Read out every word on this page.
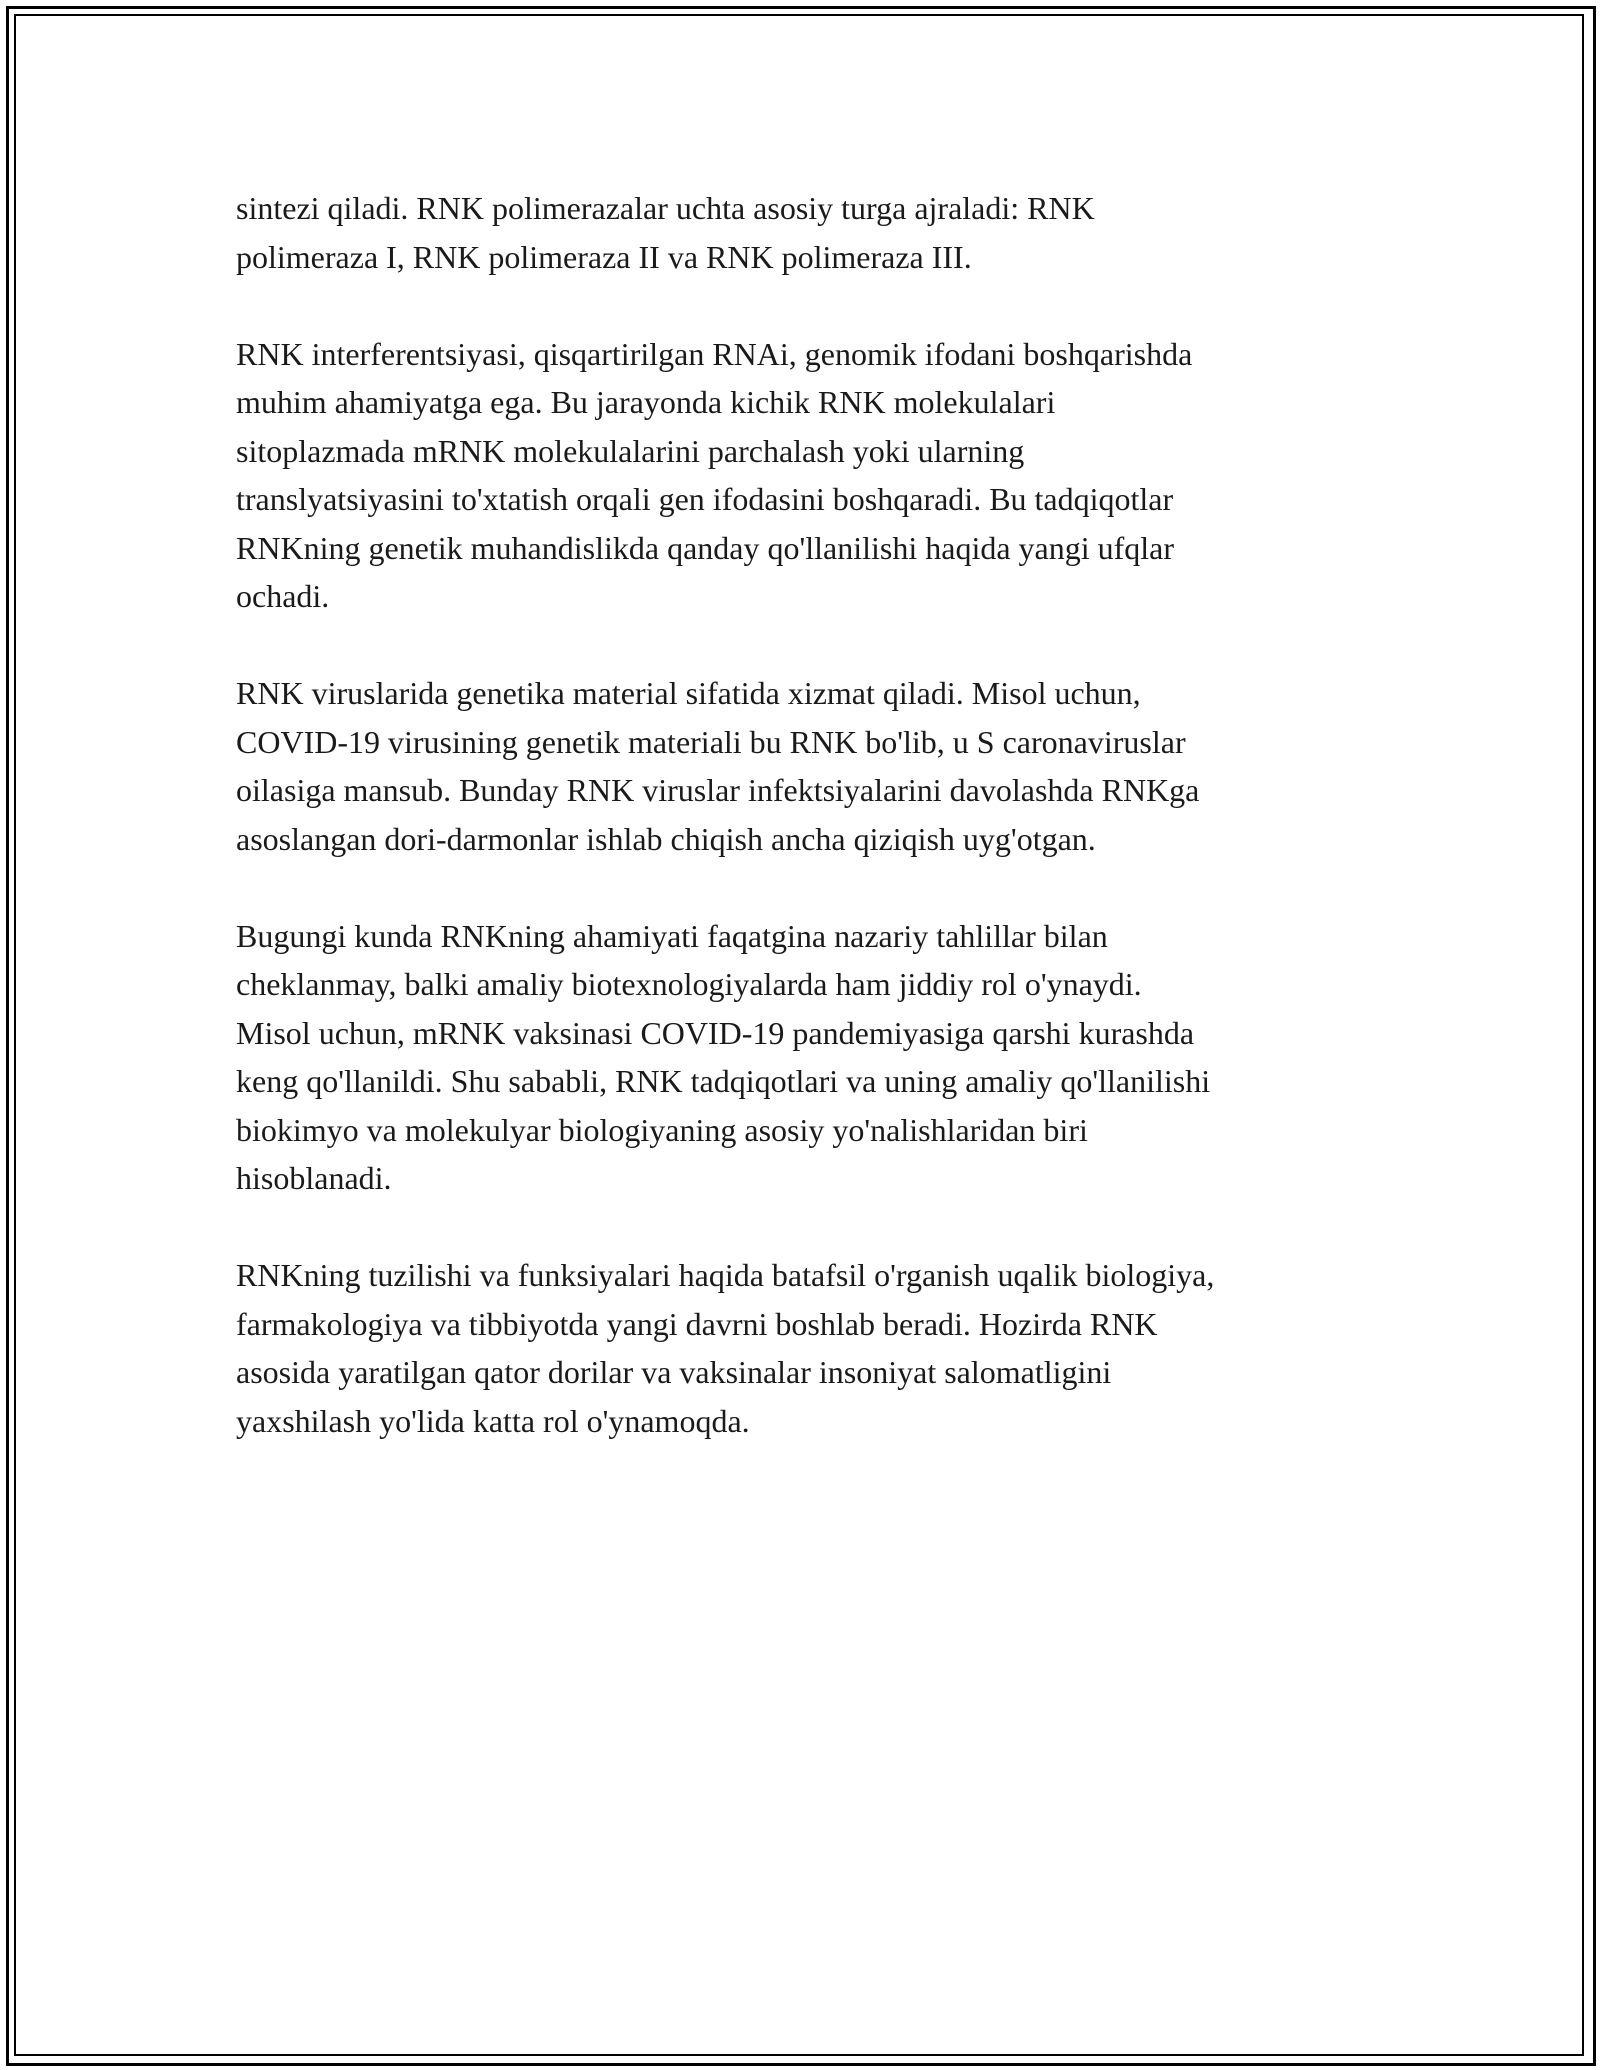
sintezi qiladi. RNK polimerazalar uchta asosiy turga ajraladi: RNK
polimeraza I, RNK polimeraza II va RNK polimeraza III.

RNK interferentsiyasi, qisqartirilgan RNAi, genomik ifodani boshqarishda
muhim ahamiyatga ega. Bu jarayonda kichik RNK molekulalari
sitoplazmada mRNK molekulalarini parchalash yoki ularning
translyatsiyasini to'xtatish orqali gen ifodasini boshqaradi. Bu tadqiqotlar
RNKning genetik muhandislikda qanday qo'llanilishi haqida yangi ufqlar
ochadi.

RNK viruslarida genetika material sifatida xizmat qiladi. Misol uchun,
COVID-19 virusining genetik materiali bu RNK bo'lib, u S caronaviruslar
oilasiga mansub. Bunday RNK viruslar infektsiyalarini davolashda RNKga
asoslangan dori-darmonlar ishlab chiqish ancha qiziqish uyg'otgan.

Bugungi kunda RNKning ahamiyati faqatgina nazariy tahlillar bilan
cheklanmay, balki amaliy biotexnologiyalarda ham jiddiy rol o'ynaydi.
Misol uchun, mRNK vaksinasi COVID-19 pandemiyasiga qarshi kurashda
keng qo'llanildi. Shu sababli, RNK tadqiqotlari va uning amaliy qo'llanilishi
biokimyo va molekulyar biologiyaning asosiy yo'nalishlaridan biri
hisoblanadi.

RNKning tuzilishi va funksiyalari haqida batafsil o'rganish uqalik biologiya,
farmakologiya va tibbiyotda yangi davrni boshlab beradi. Hozirda RNK
asosida yaratilgan qator dorilar va vaksinalar insoniyat salomatligini
yaxshilash yo'lida katta rol o'ynamoqda.
